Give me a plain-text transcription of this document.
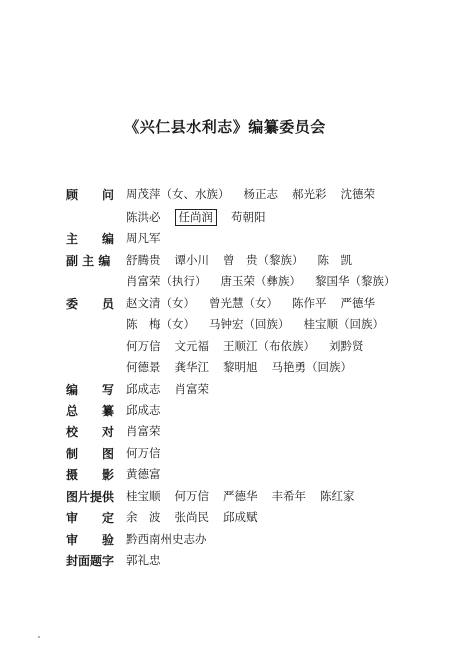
《兴仁县水利志》编纂委员会
顾　　问	周茂萍（女、水族） 杨正志 郝光彩 沈德荣
陈洪必	任尚润	苟朝阳
主　　编	周凡军
副 主 编	舒腾贵 谭小川 曾　贵（黎族） 陈　凯
肖富荣（执行） 唐玉荣（彝族） 黎国华（黎族）
委　　员	赵文清（女） 曾光慧（女） 陈作平 严德华
陈　梅（女） 马钟宏（回族） 桂宝顺（回族）
何万信 文元福 王顺江（布依族） 刘黔贤
何德景 龚华江 黎明旭 马艳勇（回族）
编　　写	邱成志 肖富荣
总　　纂	邱成志
校　　对	肖富荣
制　　图	何万信
摄　　影	黄德富
图片提供	桂宝顺 何万信 严德华 丰希年 陈红家
审　　定	余　波 张尚民 邱成赋
审　　验	黔西南州史志办
封面题字	郭礼忠
